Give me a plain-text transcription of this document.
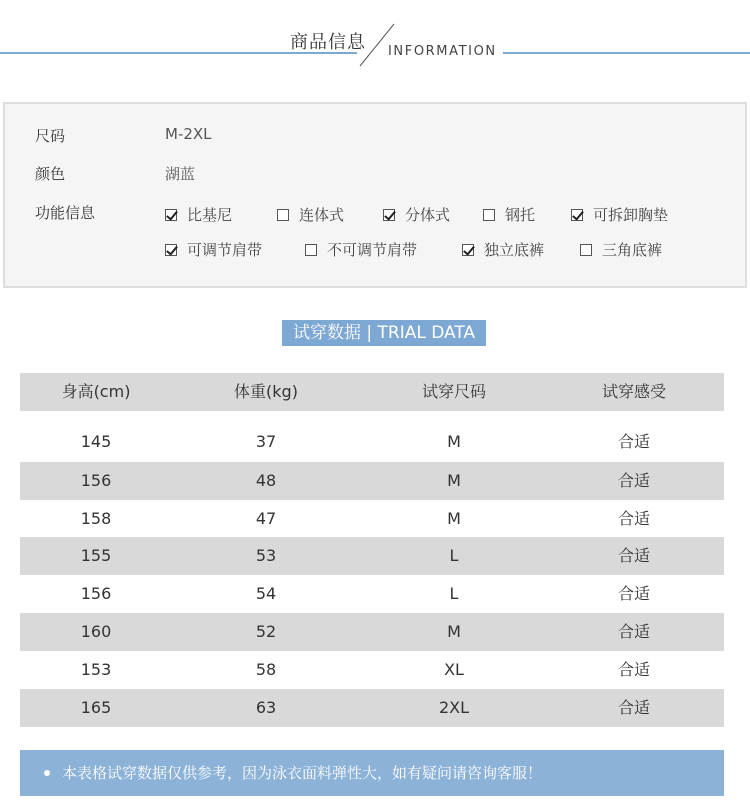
商品信息 INFORMATION
尺码	M-2XL
颜色	湖蓝
功能信息	比基尼	连体式	分体式	钢托	可拆卸胸垫
可调节肩带	不可调节肩带	独立底裤	三角底裤
试穿数据 | TRIAL DATA
身高(cm)	体重(kg)	试穿尺码	试穿感受
145	37	M	合适
156	48	M	合适
158	47	M	合适
155	53	L	合适
156	54	L	合适
160	52	M	合适
153	58	XL	合适
165	63	2XL	合适
本表格试穿数据仅供参考，因为泳衣面料弹性大，如有疑问请咨询客服！
